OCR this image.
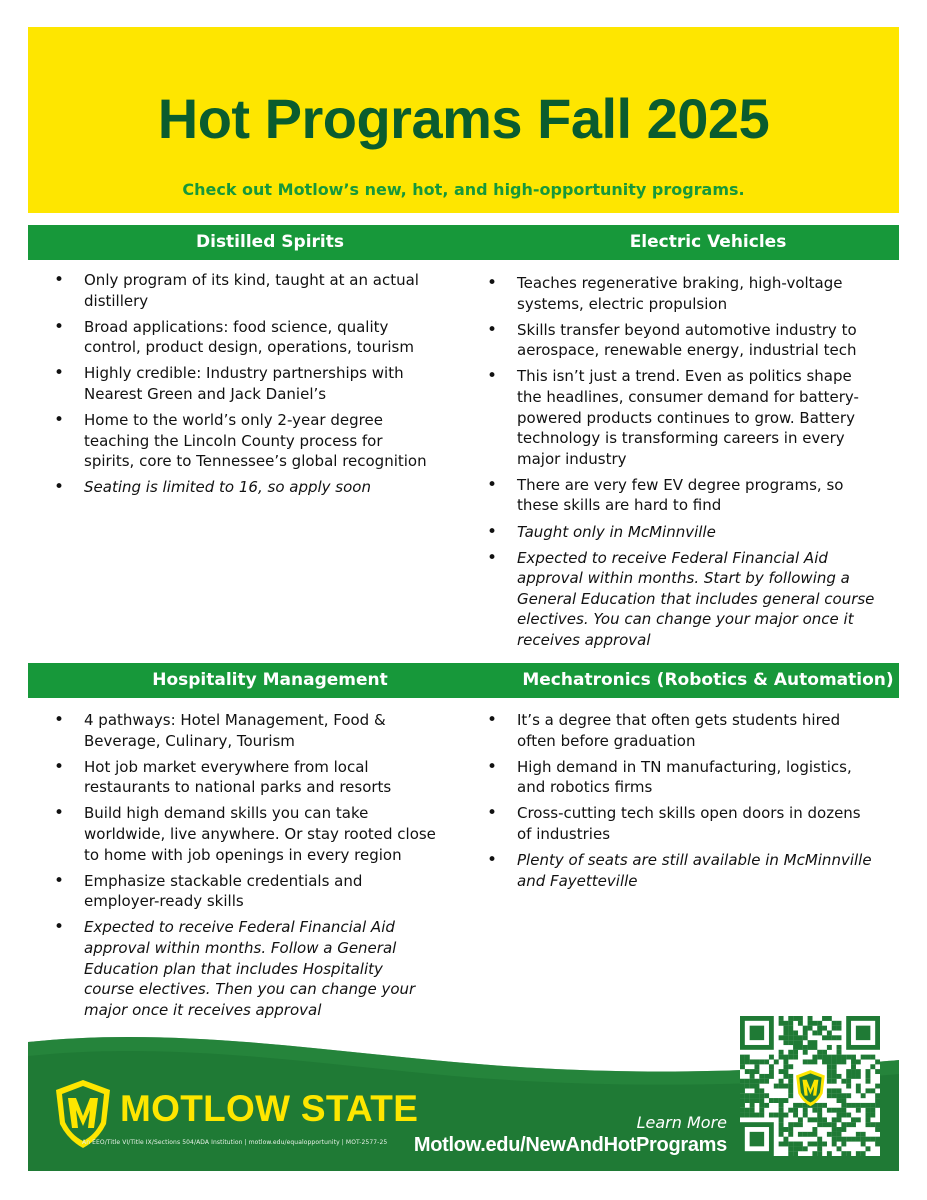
Hot Programs Fall 2025
Check out Motlow’s new, hot, and high-opportunity programs.
Distilled Spirits	Electric Vehicles
• Only program of its kind, taught at an actual distillery
• Broad applications: food science, quality control, product design, operations, tourism
• Highly credible: Industry partnerships with Nearest Green and Jack Daniel’s
• Home to the world’s only 2-year degree teaching the Lincoln County process for spirits, core to Tennessee’s global recognition
• Seating is limited to 16, so apply soon
• Teaches regenerative braking, high-voltage systems, electric propulsion
• Skills transfer beyond automotive industry to aerospace, renewable energy, industrial tech
• This isn’t just a trend. Even as politics shape the headlines, consumer demand for battery-powered products continues to grow. Battery technology is transforming careers in every major industry
• There are very few EV degree programs, so these skills are hard to find
• Taught only in McMinnville
• Expected to receive Federal Financial Aid approval within months. Start by following a General Education that includes general course electives. You can change your major once it receives approval
Hospitality Management	Mechatronics (Robotics & Automation)
• 4 pathways: Hotel Management, Food & Beverage, Culinary, Tourism
• Hot job market everywhere from local restaurants to national parks and resorts
• Build high demand skills you can take worldwide, live anywhere. Or stay rooted close to home with job openings in every region
• Emphasize stackable credentials and employer-ready skills
• Expected to receive Federal Financial Aid approval within months. Follow a General Education plan that includes Hospitality course electives. Then you can change your major once it receives approval
• It’s a degree that often gets students hired often before graduation
• High demand in TN manufacturing, logistics, and robotics firms
• Cross-cutting tech skills open doors in dozens of industries
• Plenty of seats are still available in McMinnville and Fayetteville
MOTLOW STATE
An EEO/Title VI/Title IX/Sections 504/ADA Institution | motlow.edu/equalopportunity | MOT-2577-25
Learn More
Motlow.edu/NewAndHotPrograms
